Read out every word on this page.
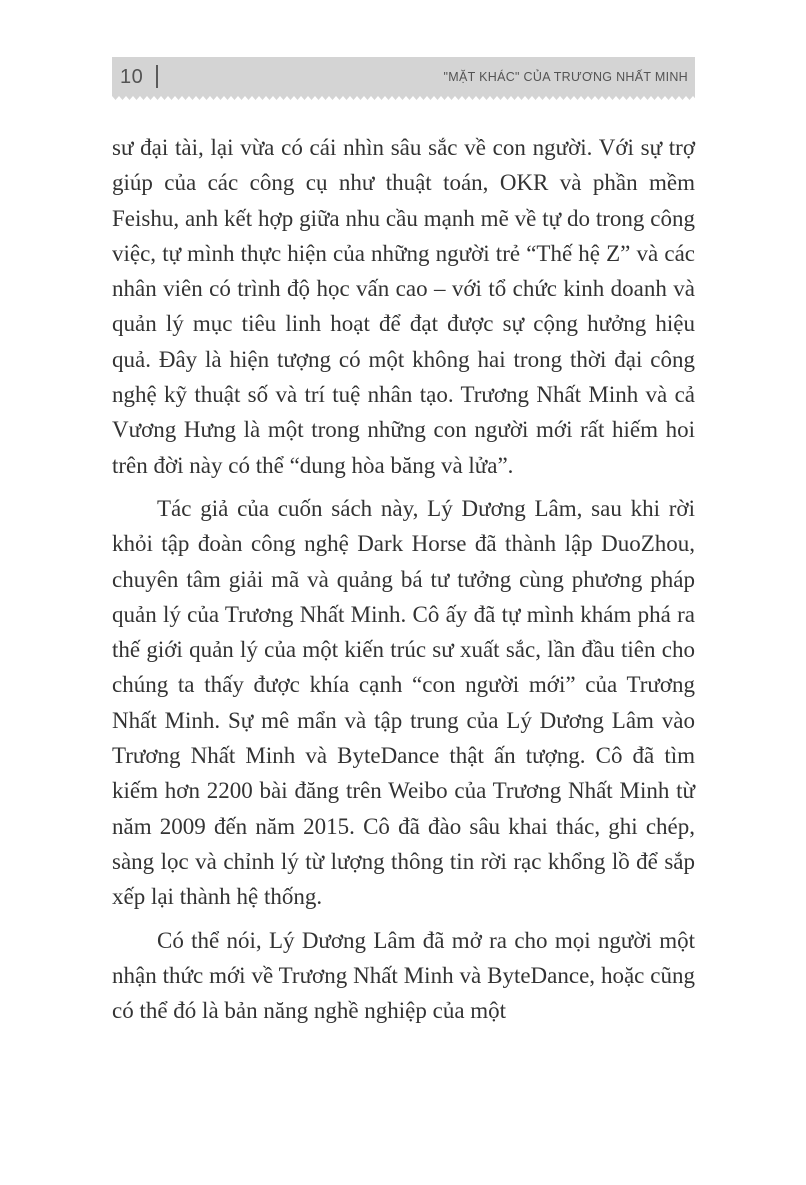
10	"MẶT KHÁC" CỦA TRƯƠNG NHẤT MINH

sư đại tài, lại vừa có cái nhìn sâu sắc về con người. Với sự trợ giúp của các công cụ như thuật toán, OKR và phần mềm Feishu, anh kết hợp giữa nhu cầu mạnh mẽ về tự do trong công việc, tự mình thực hiện của những người trẻ “Thế hệ Z” và các nhân viên có trình độ học vấn cao – với tổ chức kinh doanh và quản lý mục tiêu linh hoạt để đạt được sự cộng hưởng hiệu quả. Đây là hiện tượng có một không hai trong thời đại công nghệ kỹ thuật số và trí tuệ nhân tạo. Trương Nhất Minh và cả Vương Hưng là một trong những con người mới rất hiếm hoi trên đời này có thể “dung hòa băng và lửa”.

Tác giả của cuốn sách này, Lý Dương Lâm, sau khi rời khỏi tập đoàn công nghệ Dark Horse đã thành lập DuoZhou, chuyên tâm giải mã và quảng bá tư tưởng cùng phương pháp quản lý của Trương Nhất Minh. Cô ấy đã tự mình khám phá ra thế giới quản lý của một kiến trúc sư xuất sắc, lần đầu tiên cho chúng ta thấy được khía cạnh “con người mới” của Trương Nhất Minh. Sự mê mẩn và tập trung của Lý Dương Lâm vào Trương Nhất Minh và ByteDance thật ấn tượng. Cô đã tìm kiếm hơn 2200 bài đăng trên Weibo của Trương Nhất Minh từ năm 2009 đến năm 2015. Cô đã đào sâu khai thác, ghi chép, sàng lọc và chỉnh lý từ lượng thông tin rời rạc khổng lồ để sắp xếp lại thành hệ thống.

Có thể nói, Lý Dương Lâm đã mở ra cho mọi người một nhận thức mới về Trương Nhất Minh và ByteDance, hoặc cũng có thể đó là bản năng nghề nghiệp của một
